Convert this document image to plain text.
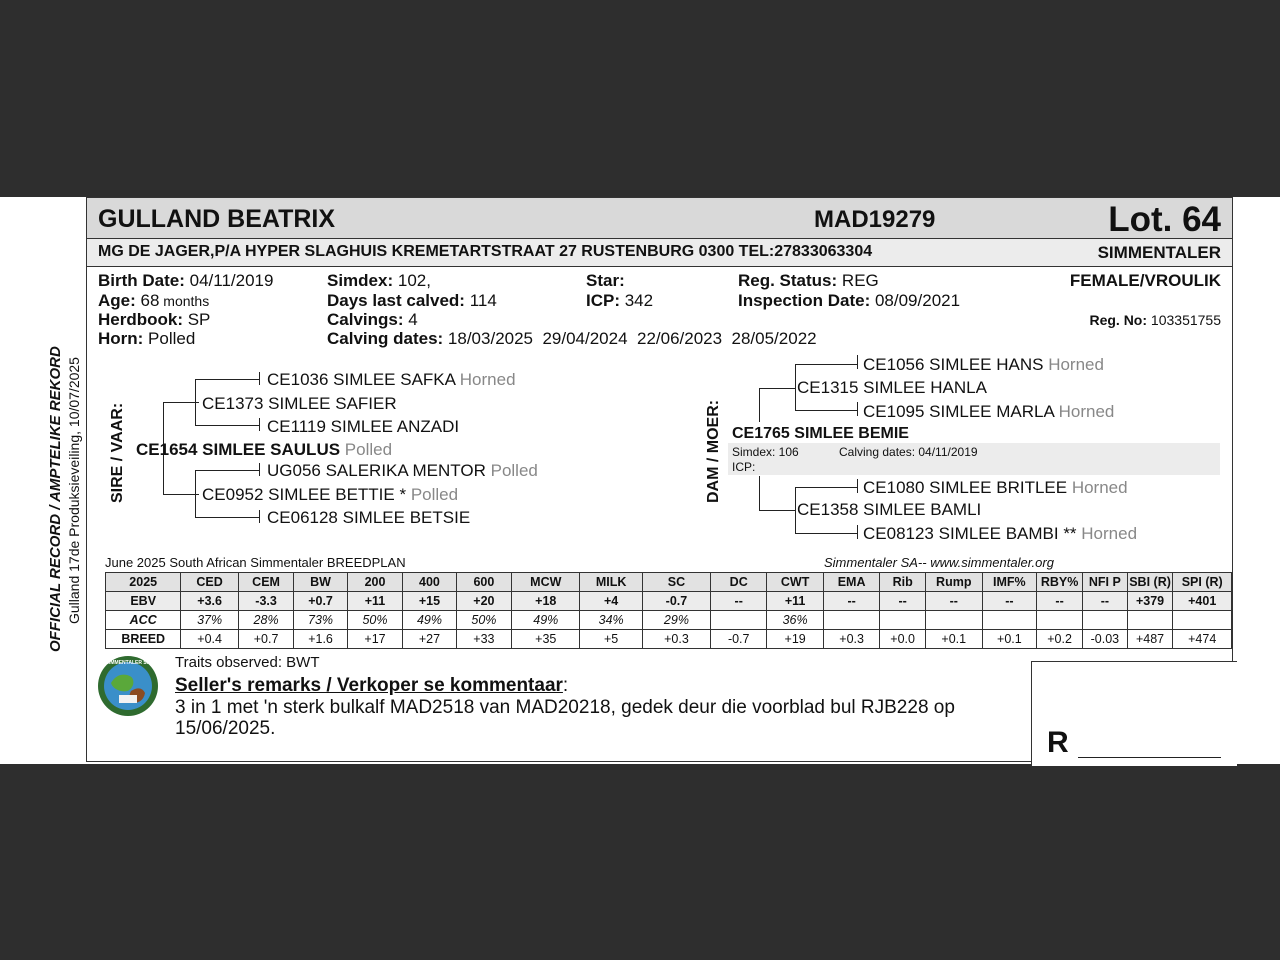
OFFICIAL RECORD / AMPTELIKE REKORD Gulland 17de Produksieveiling, 10/07/2025
GULLAND BEATRIX	MAD19279	Lot. 64
MG DE JAGER,P/A HYPER SLAGHUIS KREMETARTSTRAAT 27 RUSTENBURG 0300 TEL:27833063304	SIMMENTALER
Birth Date: 04/11/2019
Age: 68 months
Herdbook: SP
Horn: Polled
Simdex: 102,
Days last calved: 114
Calvings: 4
Calving dates: 18/03/2025  29/04/2024  22/06/2023  28/05/2022
Star:
ICP: 342
Reg. Status: REG
Inspection Date: 08/09/2021
FEMALE/VROULIK
Reg. No: 103351755
SIRE / VAAR:
CE1036 SIMLEE SAFKA Horned
CE1373 SIMLEE SAFIER
CE1119 SIMLEE ANZADI
CE1654 SIMLEE SAULUS Polled
UG056 SALERIKA MENTOR Polled
CE0952 SIMLEE BETTIE * Polled
CE06128 SIMLEE BETSIE
DAM / MOER:
CE1056 SIMLEE HANS Horned
CE1315 SIMLEE HANLA
CE1095 SIMLEE MARLA Horned
CE1765 SIMLEE BEMIE
Simdex: 106	Calving dates: 04/11/2019
ICP:
CE1080 SIMLEE BRITLEE Horned
CE1358 SIMLEE BAMLI
CE08123 SIMLEE BAMBI ** Horned
June 2025 South African Simmentaler BREEDPLAN	Simmentaler SA-- www.simmentaler.org
2025	CED	CEM	BW	200	400	600	MCW	MILK	SC	DC	CWT	EMA	Rib	Rump	IMF%	RBY%	NFI P	SBI (R)	SPI (R)
EBV	+3.6	-3.3	+0.7	+11	+15	+20	+18	+4	-0.7	--	+11	--	--	--	--	--	--	+379	+401
ACC	37%	28%	73%	50%	49%	50%	49%	34%	29%		36%								
BREED	+0.4	+0.7	+1.6	+17	+27	+33	+35	+5	+0.3	-0.7	+19	+0.3	+0.0	+0.1	+0.1	+0.2	-0.03	+487	+474
SIMMENTALER SA Traits observed: BWT
Seller's remarks / Verkoper se kommentaar:
3 in 1 met 'n sterk bulkalf MAD2518 van MAD20218, gedek deur die voorblad bul RJB228 op
15/06/2025.	R
